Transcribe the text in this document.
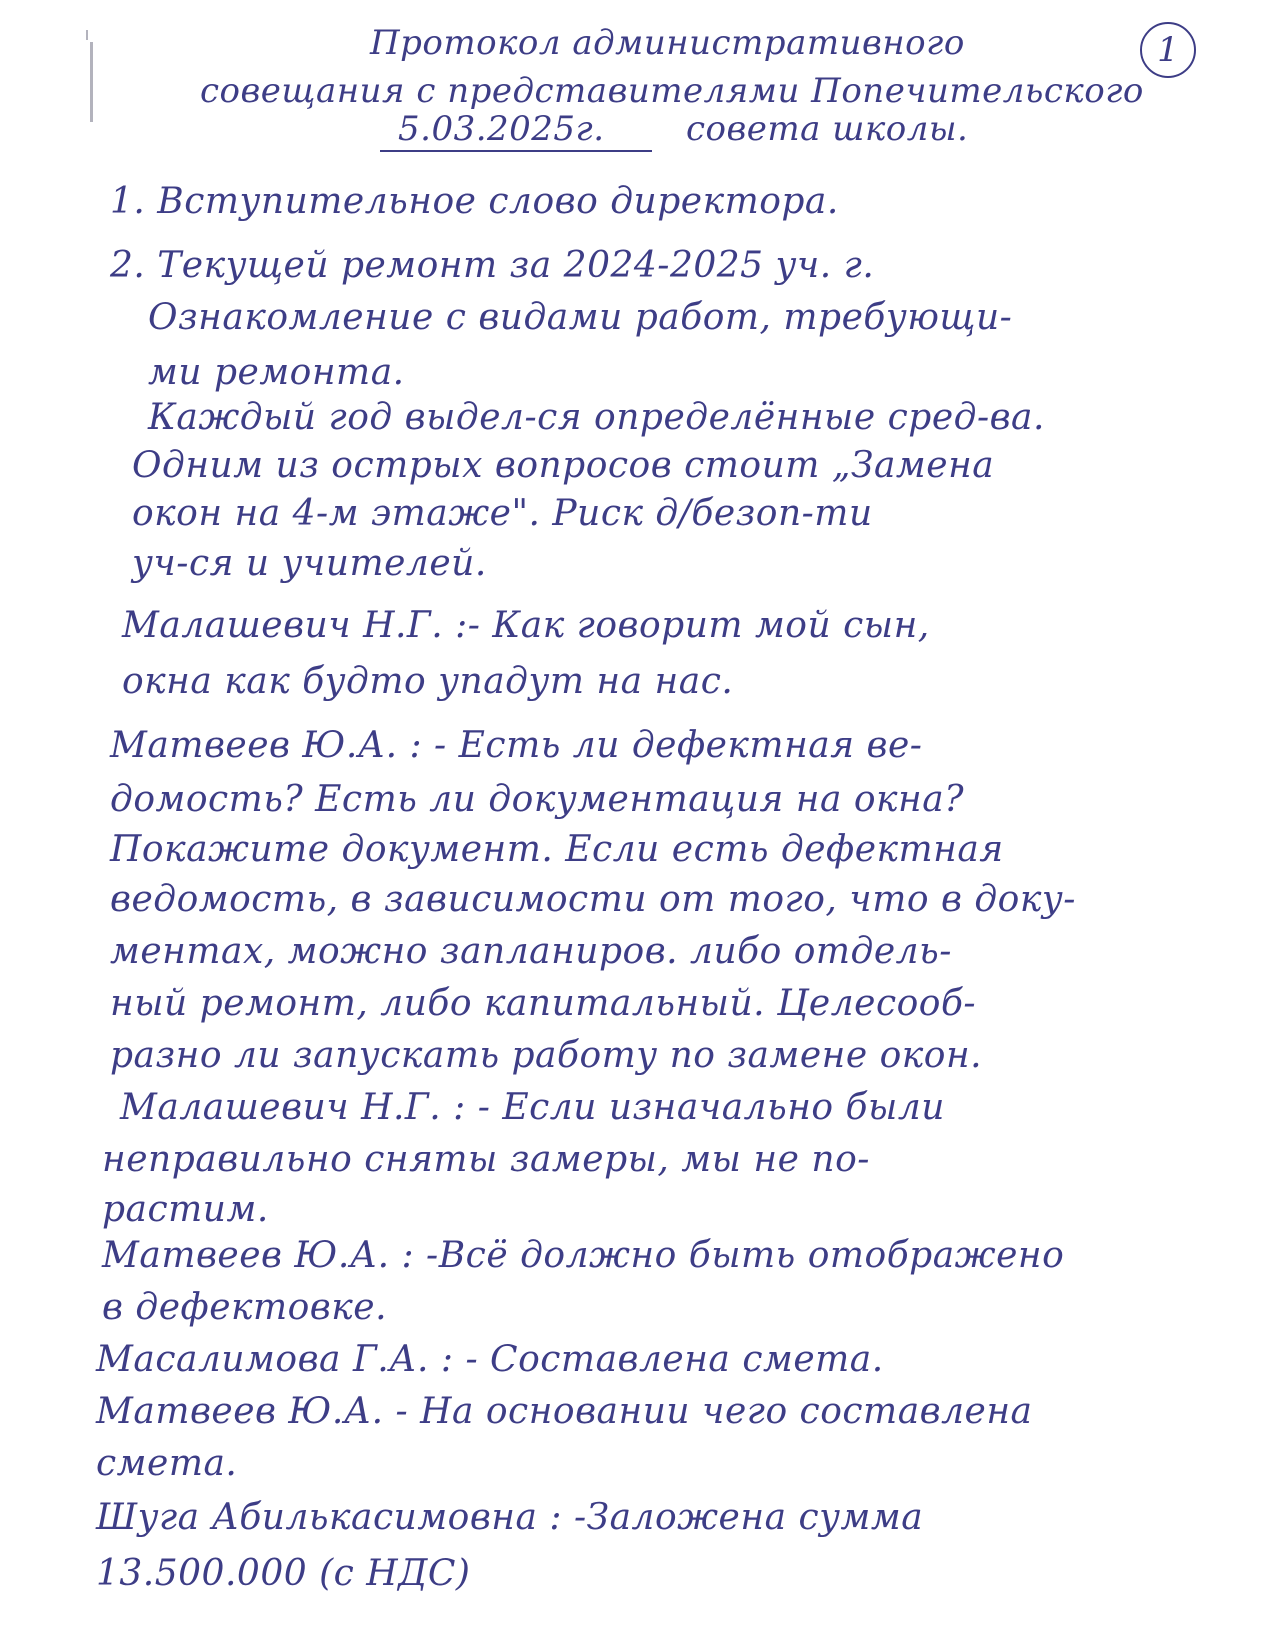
1
Протокол административного
совещания с представителями Попечительского
5.03.2025г. совета школы.
1. Вступительное слово директора.
2. Текущей ремонт за 2024-2025 уч. г.
Ознакомление с видами работ, требующи-
ми ремонта.
Каждый год выдел-ся определённые сред-ва.
Одним из острых вопросов стоит „Замена
окон на 4-м этаже". Риск д/безоп-ти
уч-ся и учителей.
Малашевич Н.Г. :- Как говорит мой сын,
окна как будто упадут на нас.
Матвеев Ю.А. : - Есть ли дефектная ве-
домость? Есть ли документация на окна?
Покажите документ. Если есть дефектная
ведомость, в зависимости от того, что в доку-
ментах, можно запланиров. либо отдель-
ный ремонт, либо капитальный. Целесооб-
разно ли запускать работу по замене окон.
Малашевич Н.Г. : - Если изначально были
неправильно сняты замеры, мы не по-
растим.
Матвеев Ю.А. : -Всё должно быть отображено
в дефектовке.
Масалимова Г.А. : - Составлена смета.
Матвеев Ю.А. - На основании чего составлена
смета.
Шуга Абилькасимовна : -Заложена сумма
13.500.000 (с НДС)
